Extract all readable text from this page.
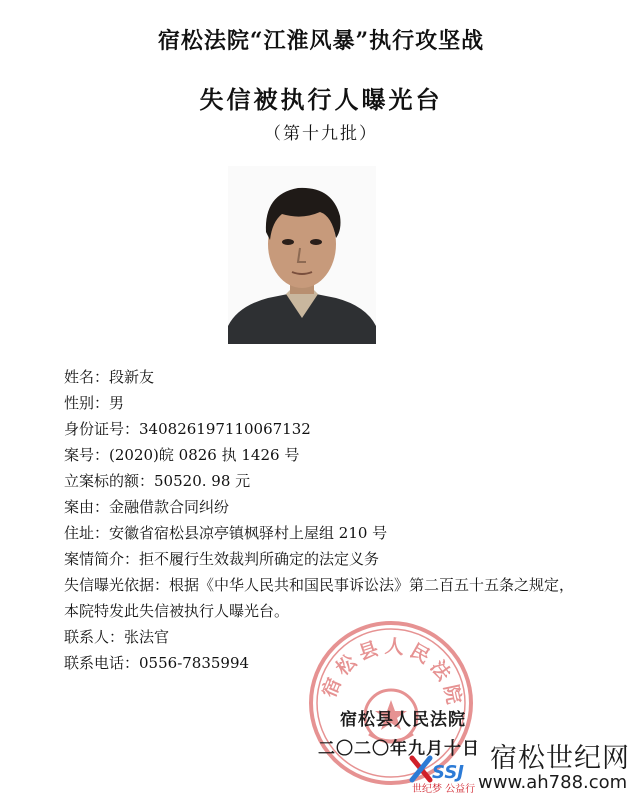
宿松法院“江淮风暴”执行攻坚战
失信被执行人曝光台
（第十九批）
姓名：段新友
性别：男
身份证号：340826197110067132
案号：(2020)皖 0826 执 1426 号
立案标的额：50520. 98 元
案由：金融借款合同纠纷
住址：安徽省宿松县凉亭镇枫驿村上屋组 210 号
案情简介：拒不履行生效裁判所确定的法定义务
失信曝光依据：根据《中华人民共和国民事诉讼法》第二百五十五条之规定，本院特发此失信被执行人曝光台。
联系人：张法官
联系电话：0556-7835994
宿松县人民法院
宿松县人民法院
二〇二〇年九月十日
SSJ
世纪梦 公益行
宿松世纪网
www.ah788.com
